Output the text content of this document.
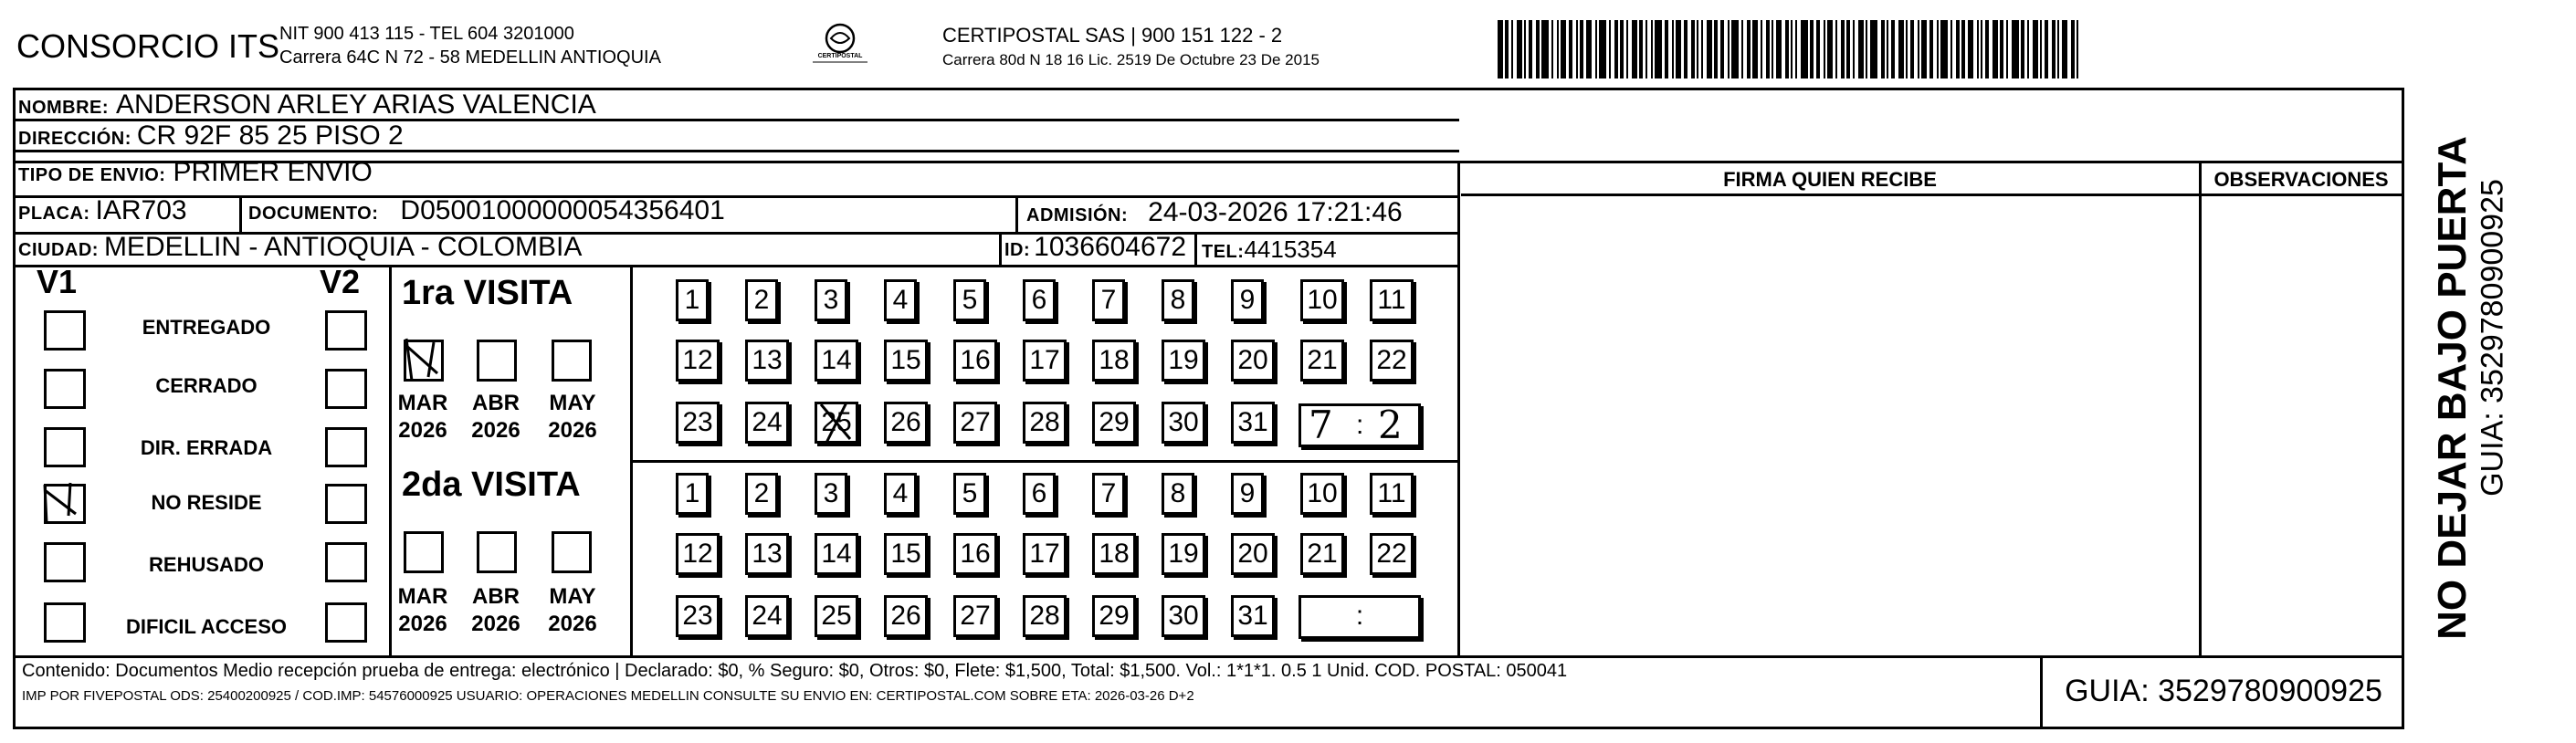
CONSORCIO ITS NIT 900 413 115 - TEL 604 3201000
Carrera 64C N 72 - 58 MEDELLIN ANTIOQUIA	CERTIPOSTAL
CERTIPOSTAL SAS | 900 151 122 - 2
Carrera 80d N 18 16 Lic. 2519 De Octubre 23 De 2015
NOMBRE: ANDERSON ARLEY ARIAS VALENCIA
DIRECCIÓN: CR 92F 85 25 PISO 2
TIPO DE ENVIO: PRIMER ENVIO
PLACA: IAR703	DOCUMENTO: D05001000000054356401	ADMISIÓN: 24-03-2026 17:21:46
CIUDAD: MEDELLIN - ANTIOQUIA - COLOMBIA	ID: 1036604672 TEL: 4415354
FIRMA QUIEN RECIBE	OBSERVACIONES
V1	V2
ENTREGADO
CERRADO
DIR. ERRADA
NO RESIDE
REHUSADO
DIFICIL ACCESO
1ra VISITA
MAR	ABR	MAY
2026	2026	2026
1 2 3 4 5 6 7 8 9 10 11
12 13 14 15 16 17 18 19 20 21 22
23 24 25 26 27 28 29 30 31 7 : 2
2da VISITA
MAR	ABR	MAY
2026	2026	2026
1 2 3 4 5 6 7 8 9 10 11
12 13 14 15 16 17 18 19 20 21 22
23 24 25 26 27 28 29 30 31	:
Contenido: Documentos Medio recepción prueba de entrega: electrónico | Declarado: $0, % Seguro: $0, Otros: $0, Flete: $1,500, Total: $1,500. Vol.: 1*1*1. 0.5 1 Unid. COD. POSTAL: 050041
IMP POR FIVEPOSTAL ODS: 25400200925 / COD.IMP: 54576000925 USUARIO: OPERACIONES MEDELLIN CONSULTE SU ENVIO EN: CERTIPOSTAL.COM SOBRE ETA: 2026-03-26 D+2	GUIA: 3529780900925
NO DEJAR BAJO PUERTA GUIA: 3529780900925
